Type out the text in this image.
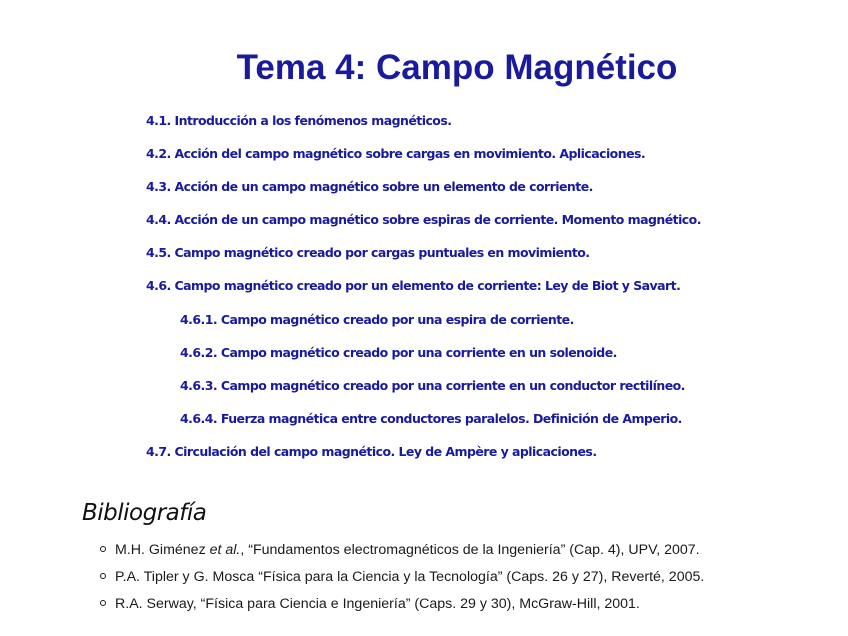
Tema 4: Campo Magnético
4.1. Introducción a los fenómenos magnéticos.
4.2. Acción del campo magnético sobre cargas en movimiento. Aplicaciones.
4.3. Acción de un campo magnético sobre un elemento de corriente.
4.4. Acción de un campo magnético sobre espiras de corriente. Momento magnético.
4.5. Campo magnético creado por cargas puntuales en movimiento.
4.6. Campo magnético creado por un elemento de corriente: Ley de Biot y Savart.
4.6.1. Campo magnético creado por una espira de corriente.
4.6.2. Campo magnético creado por una corriente en un solenoide.
4.6.3. Campo magnético creado por una corriente en un conductor rectilíneo.
4.6.4. Fuerza magnética entre conductores paralelos. Definición de Amperio.
4.7. Circulación del campo magnético. Ley de Ampère y aplicaciones.
Bibliografía
M.H. Giménez et al., “Fundamentos electromagnéticos de la Ingeniería” (Cap. 4), UPV, 2007.
P.A. Tipler y G. Mosca “Física para la Ciencia y la Tecnología” (Caps. 26 y 27), Reverté, 2005.
R.A. Serway, “Física para Ciencia e Ingeniería” (Caps. 29 y 30), McGraw-Hill, 2001.
